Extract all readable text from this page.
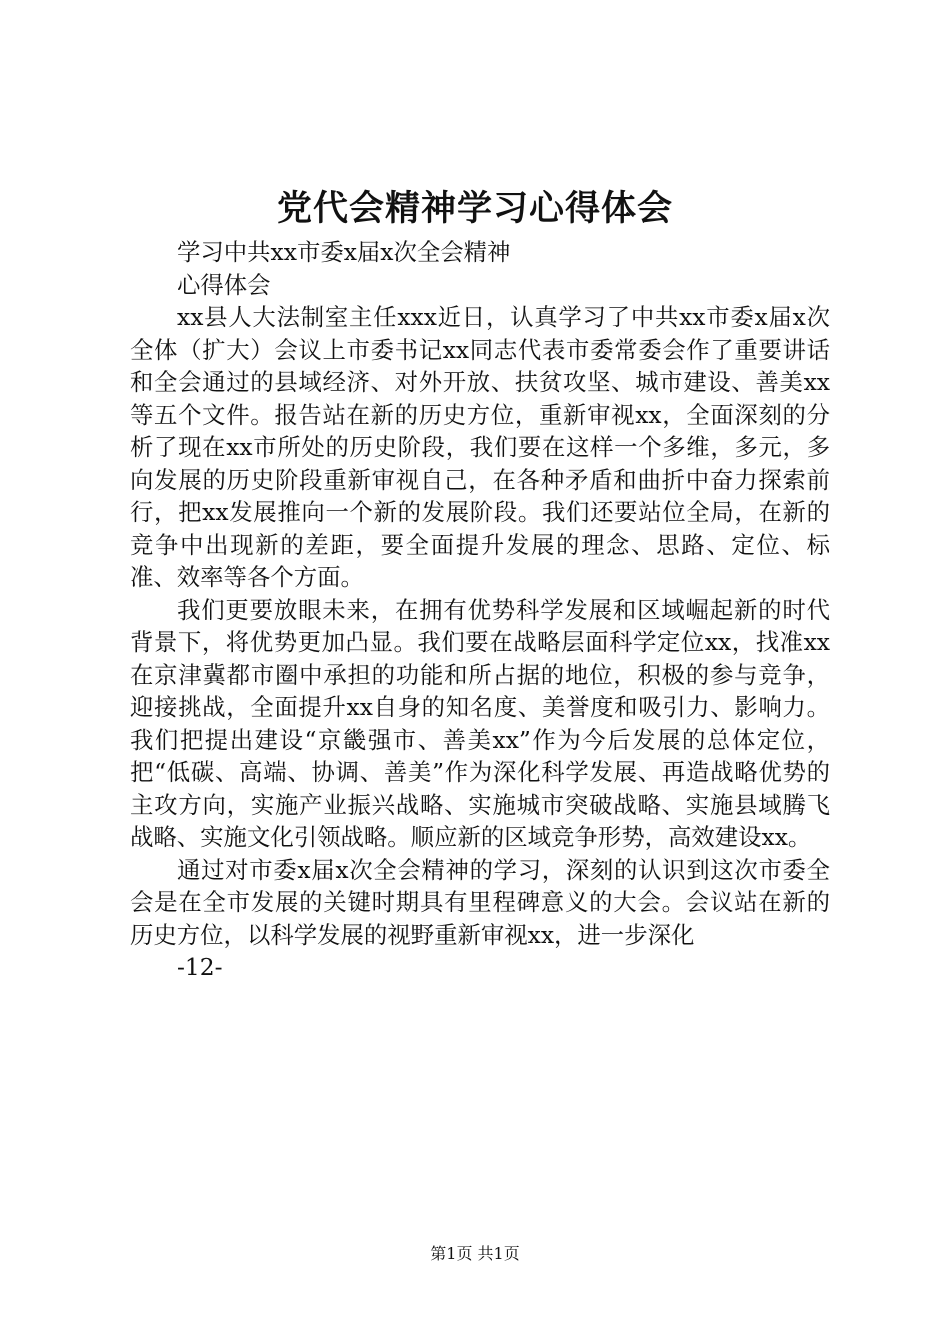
党代会精神学习心得体会

学习中共xx市委x届x次全会精神

心得体会

xx县人大法制室主任xxx近日，认真学习了中共xx市委x届x次全体（扩大）会议上市委书记xx同志代表市委常委会作了重要讲话和全会通过的县域经济、对外开放、扶贫攻坚、城市建设、善美xx等五个文件。报告站在新的历史方位，重新审视xx，全面深刻的分析了现在xx市所处的历史阶段，我们要在这样一个多维，多元，多向发展的历史阶段重新审视自己，在各种矛盾和曲折中奋力探索前行，把xx发展推向一个新的发展阶段。我们还要站位全局，在新的竞争中出现新的差距，要全面提升发展的理念、思路、定位、标准、效率等各个方面。

我们更要放眼未来，在拥有优势科学发展和区域崛起新的时代背景下，将优势更加凸显。我们要在战略层面科学定位xx，找准xx在京津冀都市圈中承担的功能和所占据的地位，积极的参与竞争，迎接挑战，全面提升xx自身的知名度、美誉度和吸引力、影响力。我们把提出建设“京畿强市、善美xx”作为今后发展的总体定位，把“低碳、高端、协调、善美”作为深化科学发展、再造战略优势的主攻方向，实施产业振兴战略、实施城市突破战略、实施县域腾飞战略、实施文化引领战略。顺应新的区域竞争形势，高效建设xx。

通过对市委x届x次全会精神的学习，深刻的认识到这次市委全会是在全市发展的关键时期具有里程碑意义的大会。会议站在新的历史方位，以科学发展的视野重新审视xx，进一步深化

-12-

第1页 共1页
